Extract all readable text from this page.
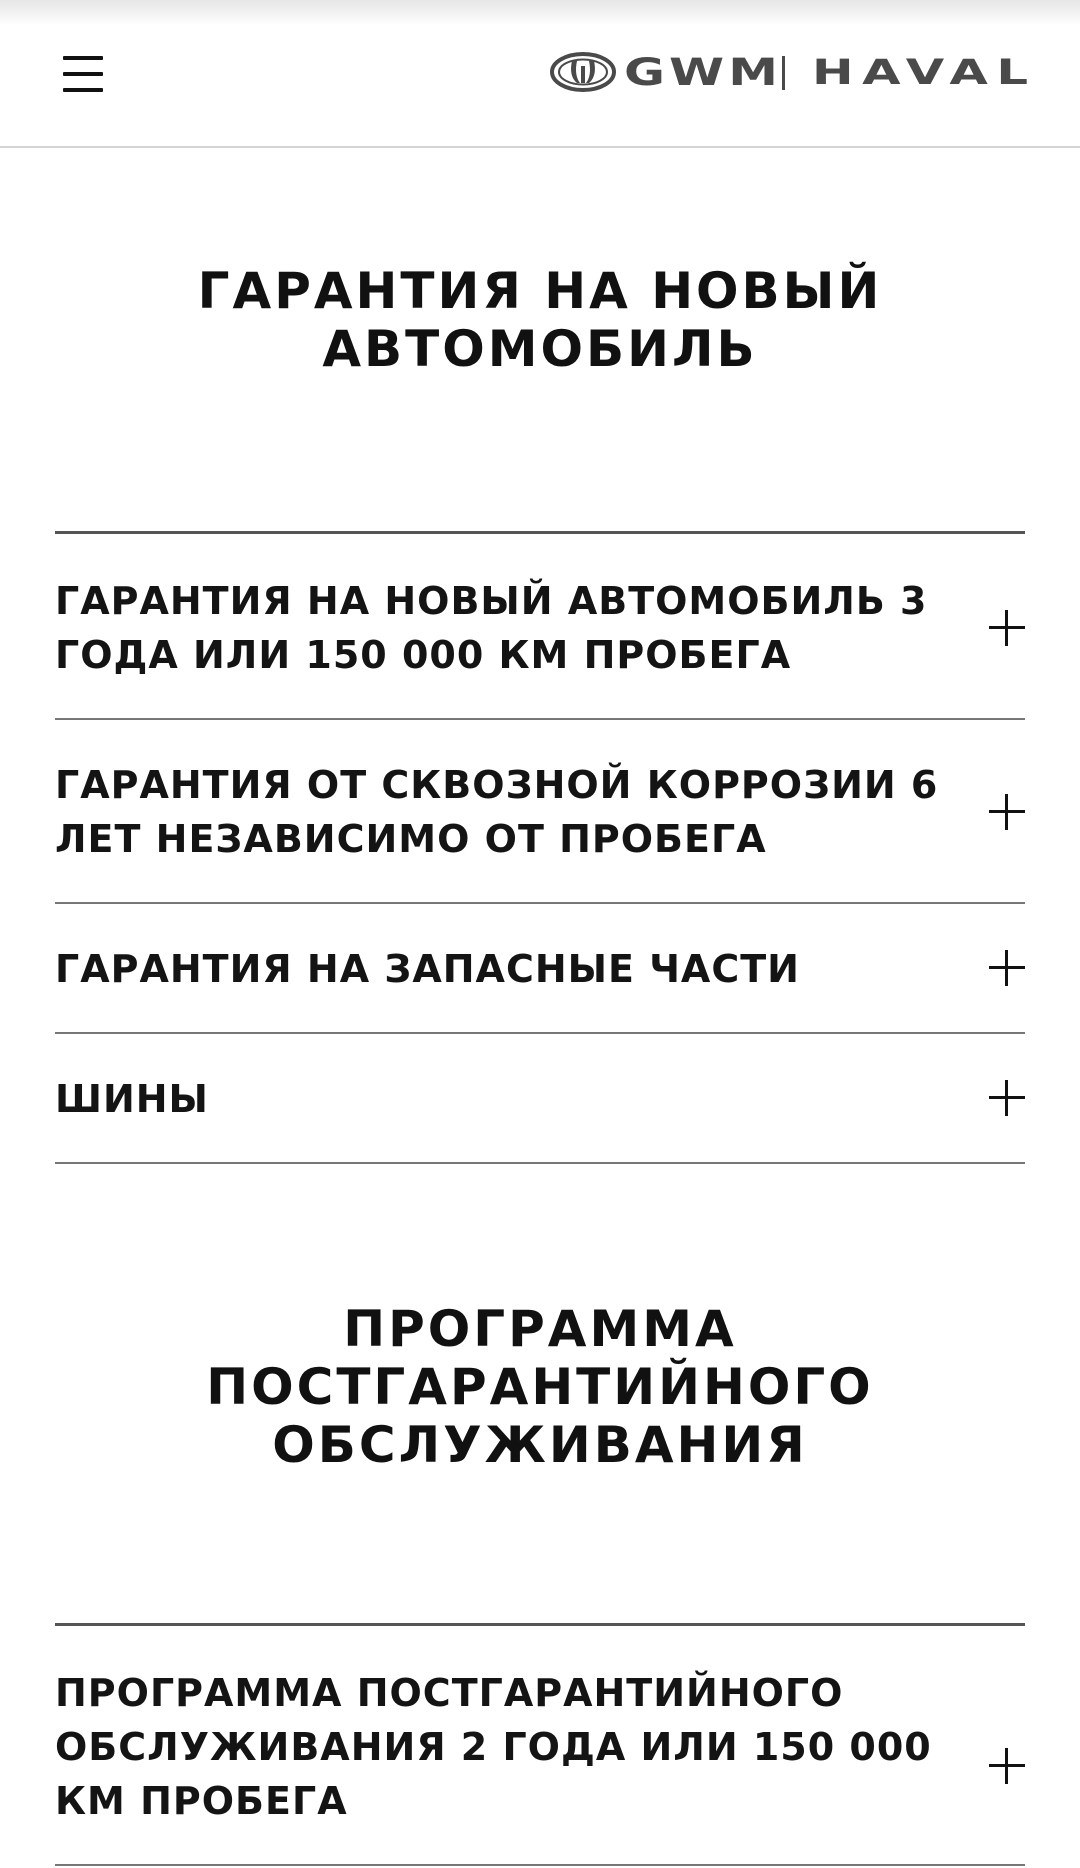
GWM HAVAL
ГАРАНТИЯ НА НОВЫЙ
АВТОМОБИЛЬ
ГАРАНТИЯ НА НОВЫЙ АВТОМОБИЛЬ 3 ГОДА ИЛИ 150 000 КМ ПРОБЕГА
ГАРАНТИЯ ОТ СКВОЗНОЙ КОРРОЗИИ 6 ЛЕТ НЕЗАВИСИМО ОТ ПРОБЕГА
ГАРАНТИЯ НА ЗАПАСНЫЕ ЧАСТИ
ШИНЫ
ПРОГРАММА
ПОСТГАРАНТИЙНОГО
ОБСЛУЖИВАНИЯ
ПРОГРАММА ПОСТГАРАНТИЙНОГО ОБСЛУЖИВАНИЯ 2 ГОДА ИЛИ 150 000 КМ ПРОБЕГА
